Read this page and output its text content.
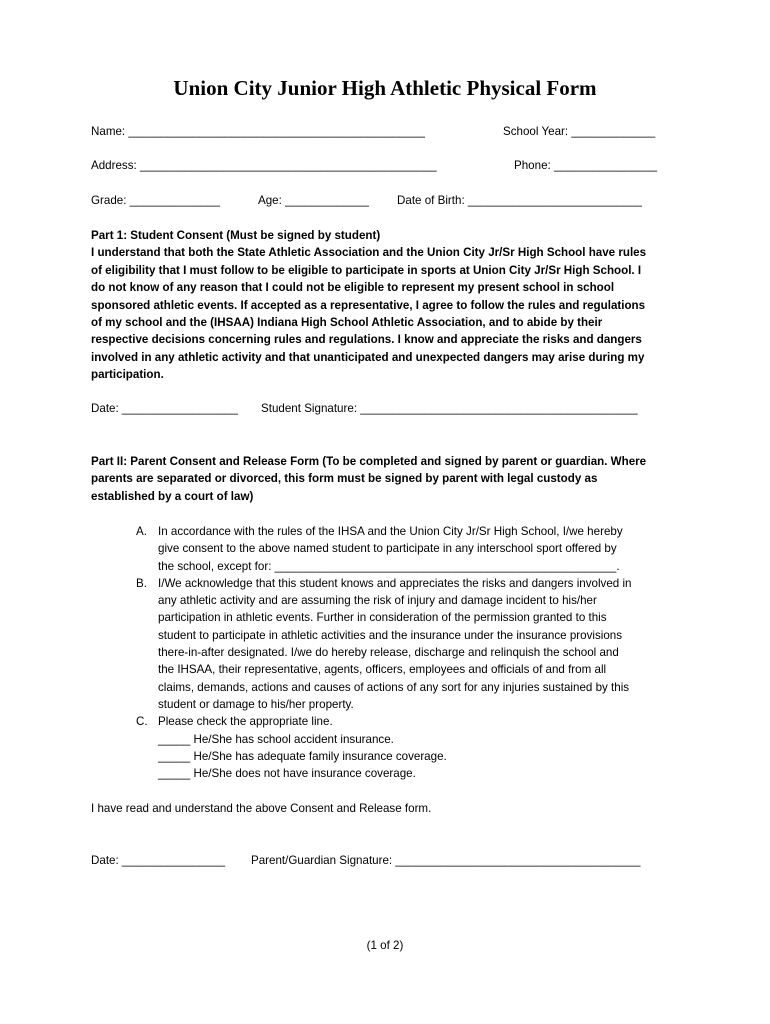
Union City Junior High Athletic Physical Form
Name: ______________________________________________	School Year: _____________
Address: ______________________________________________	Phone: ________________
Grade: ______________	Age: _____________ Date of Birth: ___________________________
Part 1: Student Consent (Must be signed by student)
I understand that both the State Athletic Association and the Union City Jr/Sr High School have rules
of eligibility that I must follow to be eligible to participate in sports at Union City Jr/Sr High School. I
do not know of any reason that I could not be eligible to represent my present school in school
sponsored athletic events. If accepted as a representative, I agree to follow the rules and regulations
of my school and the (IHSAA) Indiana High School Athletic Association, and to abide by their
respective decisions concerning rules and regulations. I know and appreciate the risks and dangers
involved in any athletic activity and that unanticipated and unexpected dangers may arise during my
participation.
Date: __________________ Student Signature: ___________________________________________
Part II: Parent Consent and Release Form (To be completed and signed by parent or guardian. Where
parents are separated or divorced, this form must be signed by parent with legal custody as
established by a court of law)
A. In accordance with the rules of the IHSA and the Union City Jr/Sr High School, I/we hereby
give consent to the above named student to participate in any interschool sport offered by
the school, except for: _____________________________________________________.
B. I/We acknowledge that this student knows and appreciates the risks and dangers involved in
any athletic activity and are assuming the risk of injury and damage incident to his/her
participation in athletic events. Further in consideration of the permission granted to this
student to participate in athletic activities and the insurance under the insurance provisions
there-in-after designated. I/we do hereby release, discharge and relinquish the school and
the IHSAA, their representative, agents, officers, employees and officials of and from all
claims, demands, actions and causes of actions of any sort for any injuries sustained by this
student or damage to his/her property.
C. Please check the appropriate line.
_____ He/She has school accident insurance.
_____ He/She has adequate family insurance coverage.
_____ He/She does not have insurance coverage.
I have read and understand the above Consent and Release form.
Date: ________________ Parent/Guardian Signature: ______________________________________
(1 of 2)
